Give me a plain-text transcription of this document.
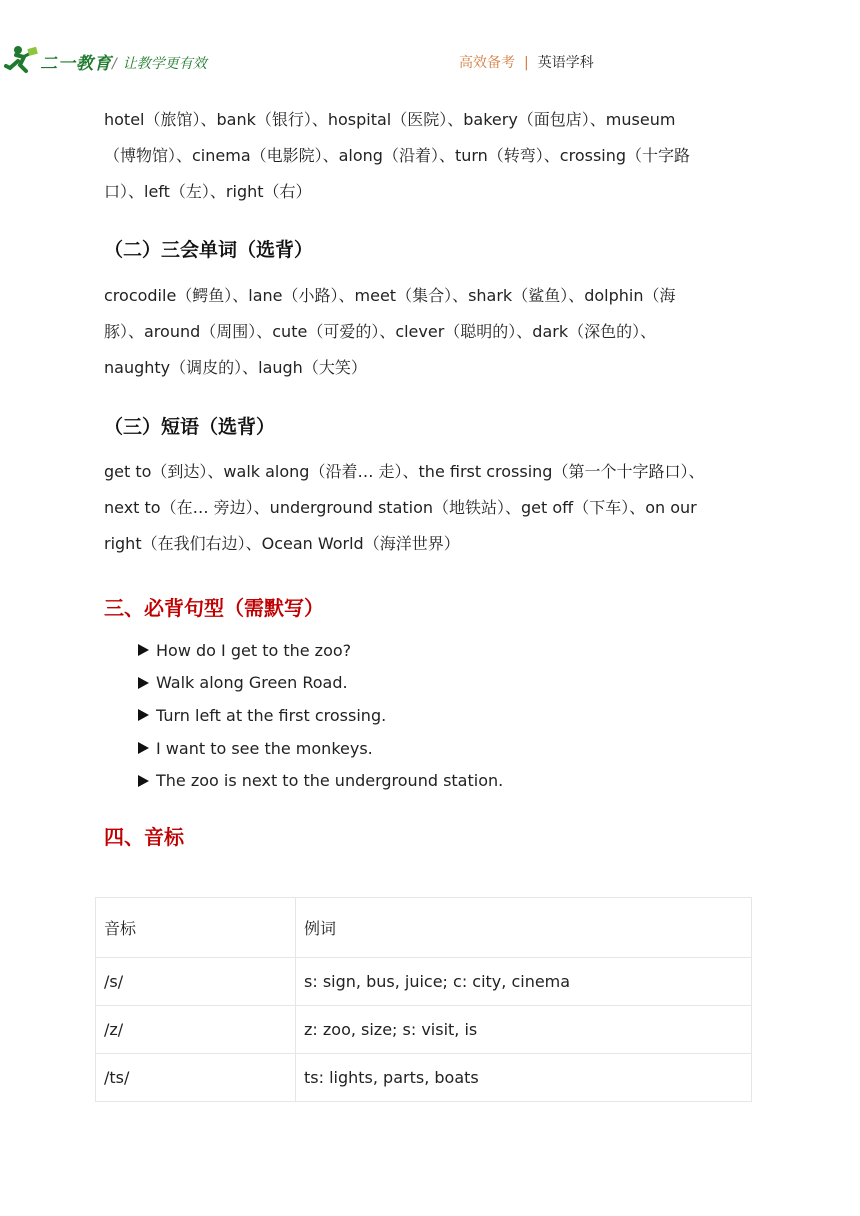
二一教育 / 让教学更有效	高效备考 | 英语学科
hotel（旅馆）、bank（银行）、hospital（医院）、bakery（面包店）、museum
（博物馆）、cinema（电影院）、along（沿着）、turn（转弯）、crossing（十字路
口）、left（左）、right（右）
（二）三会单词（选背）
crocodile（鳄鱼）、lane（小路）、meet（集合）、shark（鲨鱼）、dolphin（海
豚）、around（周围）、cute（可爱的）、clever（聪明的）、dark（深色的）、
naughty（调皮的）、laugh（大笑）
（三）短语（选背）
get to（到达）、walk along（沿着… 走）、the first crossing（第一个十字路口）、
next to（在… 旁边）、underground station（地铁站）、get off（下车）、on our
right（在我们右边）、Ocean World（海洋世界）
三、必背句型（需默写）
How do I get to the zoo?
Walk along Green Road.
Turn left at the first crossing.
I want to see the monkeys.
The zoo is next to the underground station.
四、音标
音标	例词
/s/	s: sign, bus, juice; c: city, cinema
/z/	z: zoo, size; s: visit, is
/ts/	ts: lights, parts, boats
